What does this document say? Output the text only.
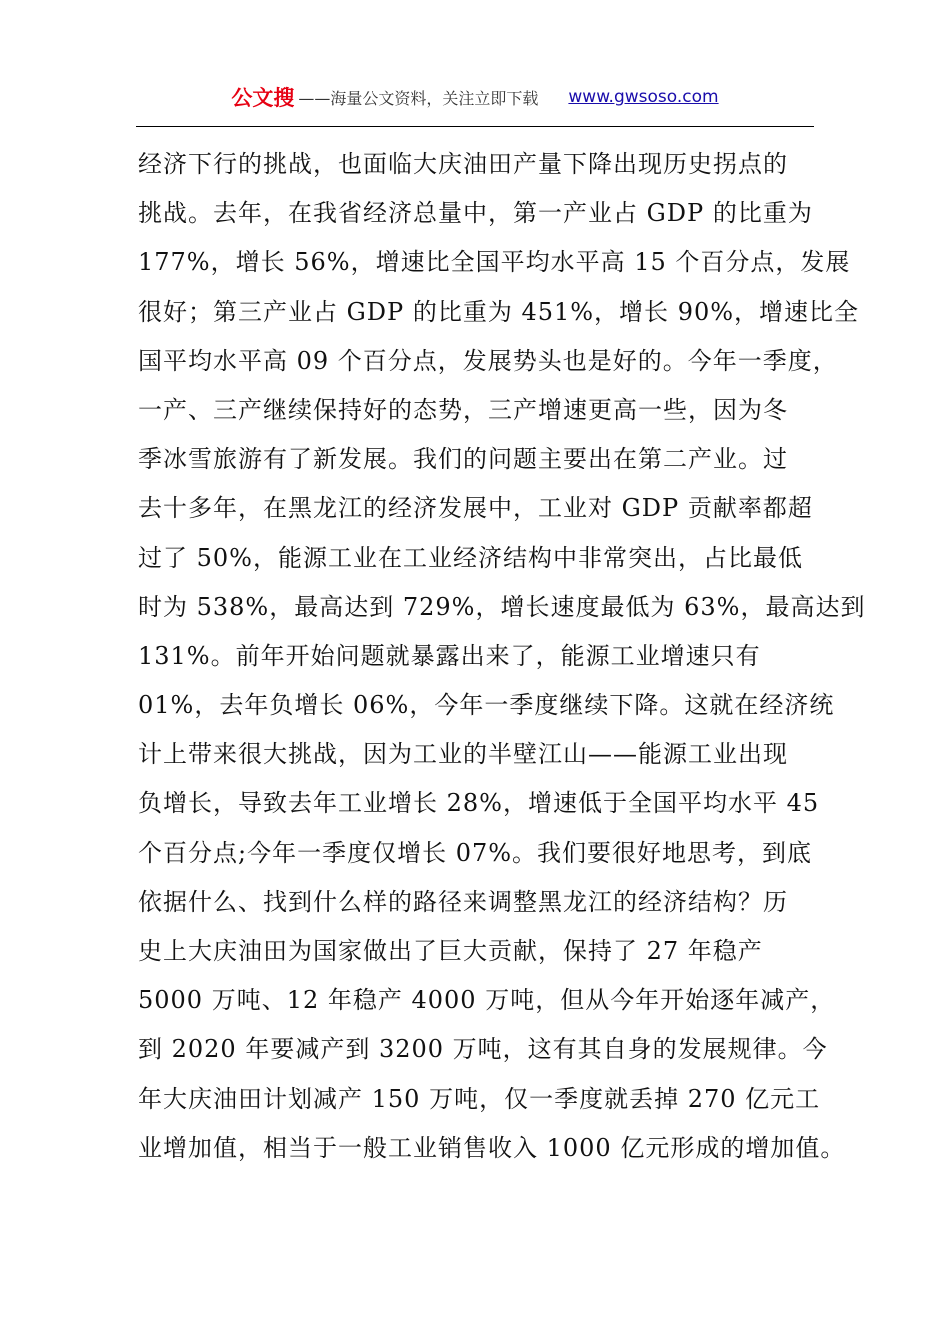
公文搜 ——海量公文资料，关注立即下载 www.gwsoso.com
经济下行的挑战，也面临大庆油田产量下降出现历史拐点的
挑战。去年，在我省经济总量中，第一产业占 GDP 的比重为
177%，增长 56%，增速比全国平均水平高 15 个百分点，发展
很好；第三产业占 GDP 的比重为 451%，增长 90%，增速比全
国平均水平高 09 个百分点，发展势头也是好的。今年一季度，
一产、三产继续保持好的态势，三产增速更高一些，因为冬
季冰雪旅游有了新发展。我们的问题主要出在第二产业。过
去十多年，在黑龙江的经济发展中，工业对 GDP 贡献率都超
过了 50%，能源工业在工业经济结构中非常突出，占比最低
时为 538%，最高达到 729%，增长速度最低为 63%，最高达到
131%。前年开始问题就暴露出来了，能源工业增速只有
01%，去年负增长 06%，今年一季度继续下降。这就在经济统
计上带来很大挑战，因为工业的半壁江山——能源工业出现
负增长，导致去年工业增长 28%，增速低于全国平均水平 45
个百分点;今年一季度仅增长 07%。我们要很好地思考，到底
依据什么、找到什么样的路径来调整黑龙江的经济结构？历
史上大庆油田为国家做出了巨大贡献，保持了 27 年稳产
5000 万吨、12 年稳产 4000 万吨，但从今年开始逐年减产，
到 2020 年要减产到 3200 万吨，这有其自身的发展规律。今
年大庆油田计划减产 150 万吨，仅一季度就丢掉 270 亿元工
业增加值，相当于一般工业销售收入 1000 亿元形成的增加值。
